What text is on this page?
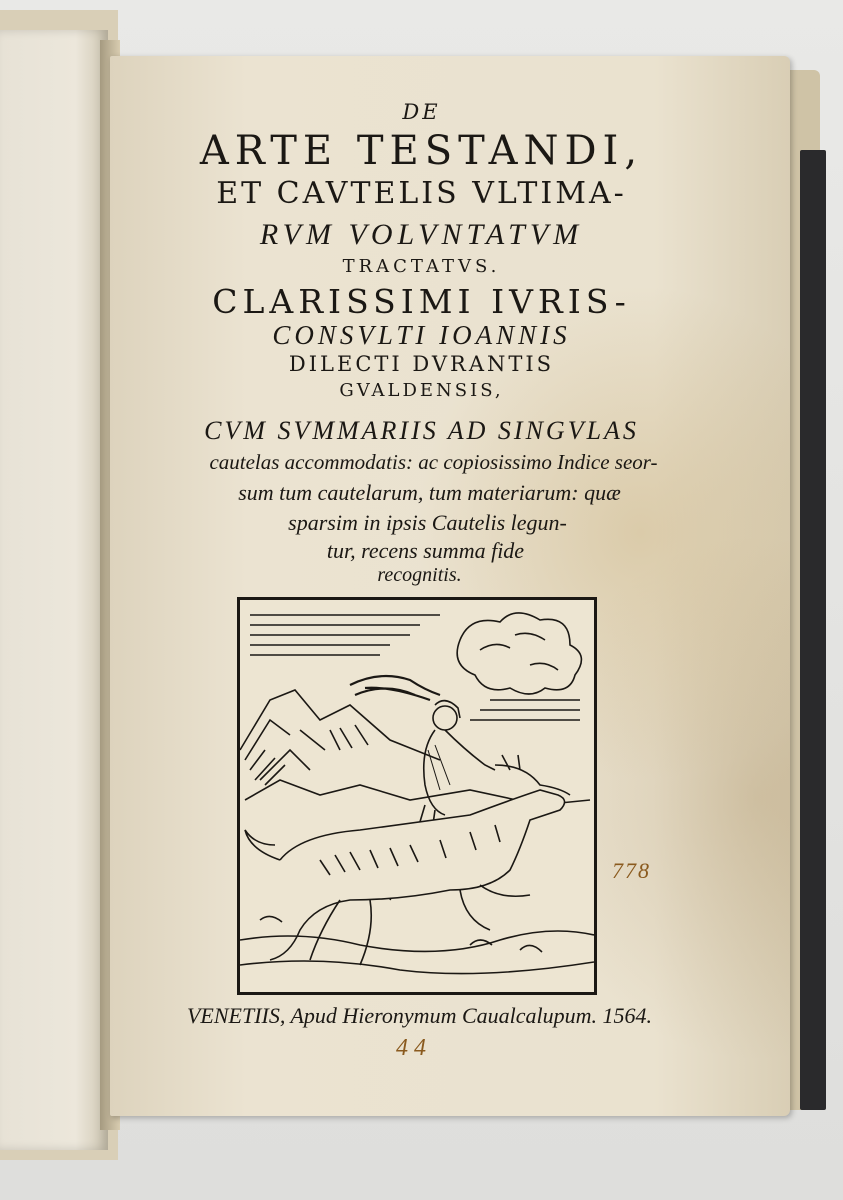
DE
ARTE TESTANDI,
ET CAVTELIS VLTIMA-
RVM VOLVNTATVM
TRACTATVS.
CLARISSIMI IVRIS-
CONSVLTI IOANNIS
DILECTI DVRANTIS
GVALDENSIS,
CVM SVMMARIIS AD SINGVLAS
cautelas accommodatis: ac copiosissimo Indice seor-
sum tum cautelarum, tum materiarum: quæ
sparsim in ipsis Cautelis legun-
tur, recens summa fide
recognitis.
778
VENETIIS, Apud Hieronymum Caualcalupum. 1564.
44
